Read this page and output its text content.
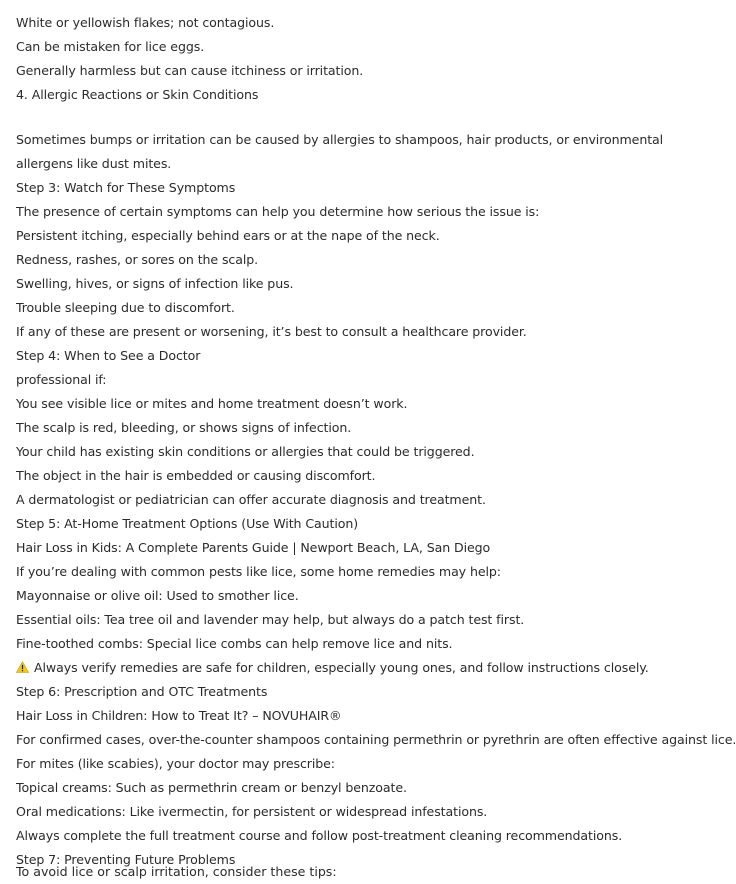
White or yellowish flakes; not contagious.
Can be mistaken for lice eggs.
Generally harmless but can cause itchiness or irritation.
4. Allergic Reactions or Skin Conditions
Sometimes bumps or irritation can be caused by allergies to shampoos, hair products, or environmental allergens like dust mites.
Step 3: Watch for These Symptoms
The presence of certain symptoms can help you determine how serious the issue is:
Persistent itching, especially behind ears or at the nape of the neck.
Redness, rashes, or sores on the scalp.
Swelling, hives, or signs of infection like pus.
Trouble sleeping due to discomfort.
If any of these are present or worsening, it’s best to consult a healthcare provider.
Step 4: When to See a Doctor
professional if:
You see visible lice or mites and home treatment doesn’t work.
The scalp is red, bleeding, or shows signs of infection.
Your child has existing skin conditions or allergies that could be triggered.
The object in the hair is embedded or causing discomfort.
A dermatologist or pediatrician can offer accurate diagnosis and treatment.
Step 5: At-Home Treatment Options (Use With Caution)
Hair Loss in Kids: A Complete Parents Guide | Newport Beach, LA, San Diego
If you’re dealing with common pests like lice, some home remedies may help:
Mayonnaise or olive oil: Used to smother lice.
Essential oils: Tea tree oil and lavender may help, but always do a patch test first.
Fine-toothed combs: Special lice combs can help remove lice and nits.
Always verify remedies are safe for children, especially young ones, and follow instructions closely.
Step 6: Prescription and OTC Treatments
Hair Loss in Children: How to Treat It? – NOVUHAIR®
For confirmed cases, over-the-counter shampoos containing permethrin or pyrethrin are often effective against lice.
For mites (like scabies), your doctor may prescribe:
Topical creams: Such as permethrin cream or benzyl benzoate.
Oral medications: Like ivermectin, for persistent or widespread infestations.
Always complete the full treatment course and follow post-treatment cleaning recommendations.
Step 7: Preventing Future Problems
To avoid lice or scalp irritation, consider these tips:
